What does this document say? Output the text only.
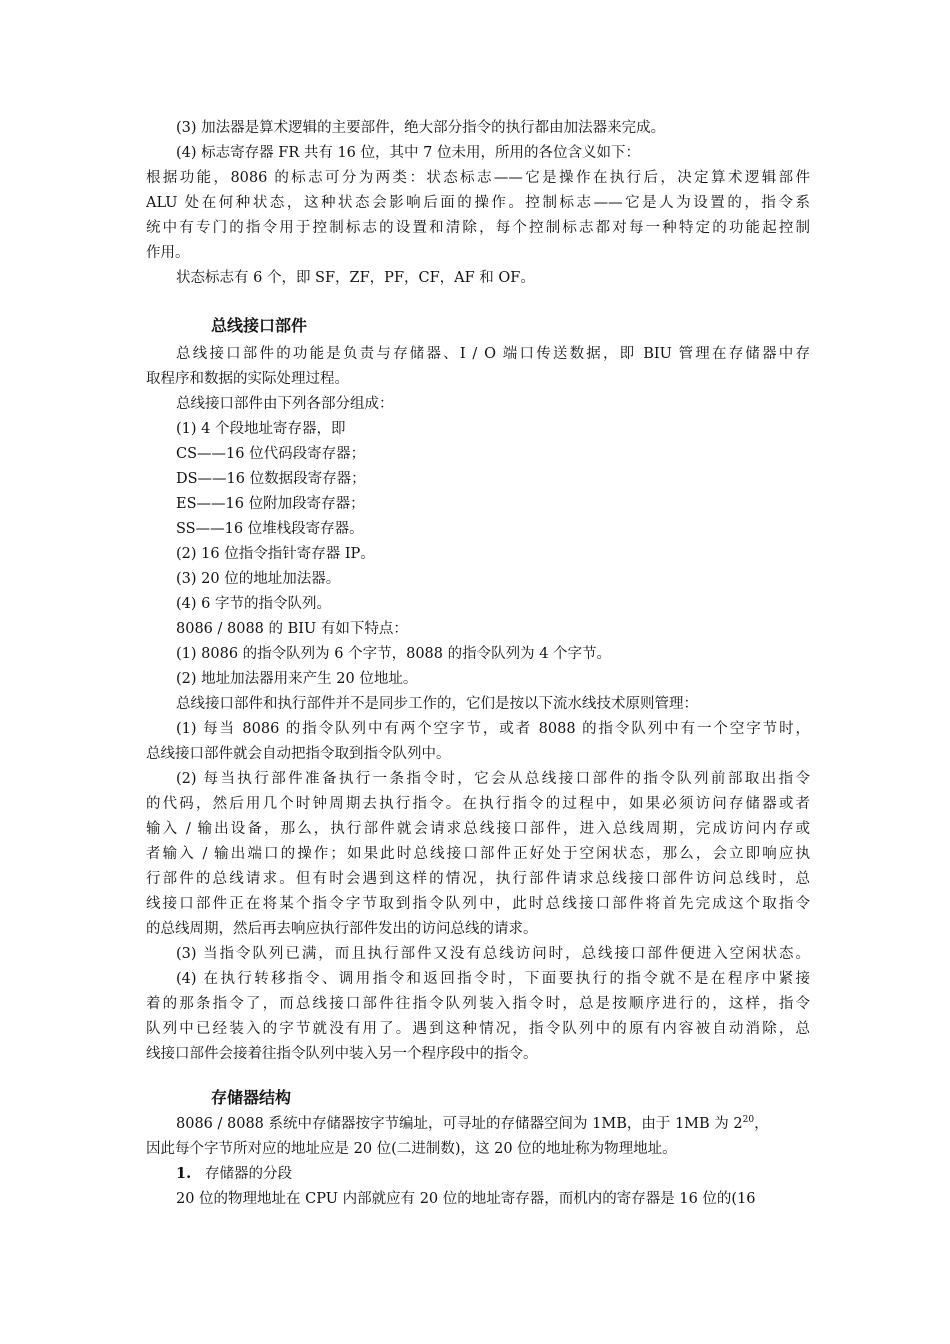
(3) 加法器是算术逻辑的主要部件，绝大部分指令的执行都由加法器来完成。
(4) 标志寄存器 FR 共有 16 位，其中 7 位未用，所用的各位含义如下：
根据功能，8086 的标志可分为两类：状态标志——它是操作在执行后，决定算术逻辑部件
ALU 处在何种状态，这种状态会影响后面的操作。控制标志——它是人为设置的，指令系
统中有专门的指令用于控制标志的设置和清除，每个控制标志都对每一种特定的功能起控制
作用。
状态标志有 6 个，即 SF，ZF，PF，CF，AF 和 OF。
总线接口部件
总线接口部件的功能是负责与存储器、I / O 端口传送数据，即 BIU 管理在存储器中存
取程序和数据的实际处理过程。
总线接口部件由下列各部分组成：
(1) 4 个段地址寄存器，即
CS——16 位代码段寄存器；
DS——16 位数据段寄存器；
ES——16 位附加段寄存器；
SS——16 位堆栈段寄存器。
(2) 16 位指令指针寄存器 IP。
(3) 20 位的地址加法器。
(4) 6 字节的指令队列。
8086 / 8088 的 BIU 有如下特点：
(1) 8086 的指令队列为 6 个字节，8088 的指令队列为 4 个字节。
(2) 地址加法器用来产生 20 位地址。
总线接口部件和执行部件并不是同步工作的，它们是按以下流水线技术原则管理：
(1) 每当 8086 的指令队列中有两个空字节，或者 8088 的指令队列中有一个空字节时，
总线接口部件就会自动把指令取到指令队列中。
(2) 每当执行部件准备执行一条指令时，它会从总线接口部件的指令队列前部取出指令
的代码，然后用几个时钟周期去执行指令。在执行指令的过程中，如果必须访问存储器或者
输入 / 输出设备，那么，执行部件就会请求总线接口部件，进入总线周期，完成访问内存或
者输入 / 输出端口的操作；如果此时总线接口部件正好处于空闲状态，那么，会立即响应执
行部件的总线请求。但有时会遇到这样的情况，执行部件请求总线接口部件访问总线时，总
线接口部件正在将某个指令字节取到指令队列中，此时总线接口部件将首先完成这个取指令
的总线周期，然后再去响应执行部件发出的访问总线的请求。
(3) 当指令队列已满，而且执行部件又没有总线访问时，总线接口部件便进入空闲状态。
(4) 在执行转移指令、调用指令和返回指令时，下面要执行的指令就不是在程序中紧接
着的那条指令了，而总线接口部件往指令队列装入指令时，总是按顺序进行的，这样，指令
队列中已经装入的字节就没有用了。遇到这种情况，指令队列中的原有内容被自动消除，总
线接口部件会接着往指令队列中装入另一个程序段中的指令。
存储器结构
8086 / 8088 系统中存储器按字节编址，可寻址的存储器空间为 1MB，由于 1MB 为 $2^{20}$，
因此每个字节所对应的地址应是 20 位(二进制数)，这 20 位的地址称为物理地址。
1. 存储器的分段
20 位的物理地址在 CPU 内部就应有 20 位的地址寄存器，而机内的寄存器是 16 位的(16
